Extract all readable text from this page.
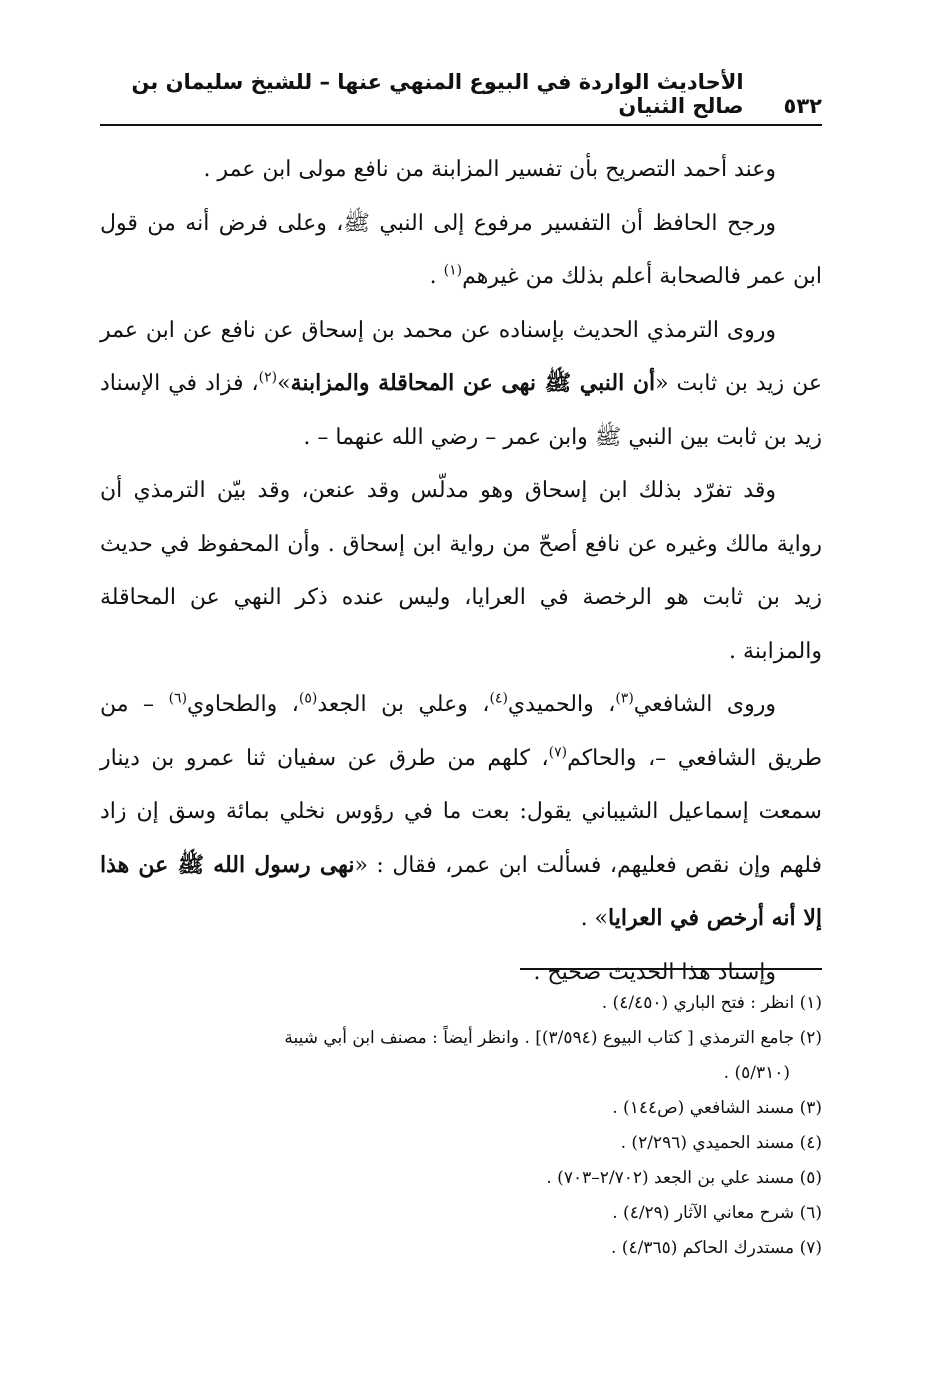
٥٣٢
الأحاديث الواردة في البيوع المنهي عنها – للشيخ سليمان بن صالح الثنيان

وعند أحمد التصريح بأن تفسير المزابنة من نافع مولى ابن عمر .

ورجح الحافظ أن التفسير مرفوع إلى النبي ﷺ، وعلى فرض أنه من قول ابن عمر فالصحابة أعلم بذلك من غيرهم$^{(١)}$ .

وروى الترمذي الحديث بإسناده عن محمد بن إسحاق عن نافع عن ابن عمر عن زيد بن ثابت «أن النبي ﷺ نهى عن المحاقلة والمزابنة»$^{(٢)}$، فزاد في الإسناد زيد بن ثابت بين النبي ﷺ وابن عمر – رضي الله عنهما – .

وقد تفرّد بذلك ابن إسحاق وهو مدلّس وقد عنعن، وقد بيّن الترمذي أن رواية مالك وغيره عن نافع أصحّ من رواية ابن إسحاق . وأن المحفوظ في حديث زيد بن ثابت هو الرخصة في العرايا، وليس عنده ذكر النهي عن المحاقلة والمزابنة .

وروى الشافعي$^{(٣)}$، والحميدي$^{(٤)}$، وعلي بن الجعد$^{(٥)}$، والطحاوي$^{(٦)}$ – من طريق الشافعي –، والحاكم$^{(٧)}$، كلهم من طرق عن سفيان ثنا عمرو بن دينار سمعت إسماعيل الشيباني يقول: بعت ما في رؤوس نخلي بمائة وسق إن زاد فلهم وإن نقص فعليهم، فسألت ابن عمر، فقال : «نهى رسول الله ﷺ عن هذا إلا أنه أرخص في العرايا» .

وإسناد هذا الحديث صحيح .

(١) انظر : فتح الباري (٤/٤٥٠) .

(٢) جامع الترمذي [ كتاب البيوع (٣/٥٩٤)] . وانظر أيضاً : مصنف ابن أبي شيبة

(٥/٣١٠) .

(٣) مسند الشافعي (ص١٤٤) .

(٤) مسند الحميدي (٢/٢٩٦) .

(٥) مسند علي بن الجعد (٢/٧٠٢–٧٠٣) .

(٦) شرح معاني الآثار (٤/٢٩) .

(٧) مستدرك الحاكم (٤/٣٦٥) .
